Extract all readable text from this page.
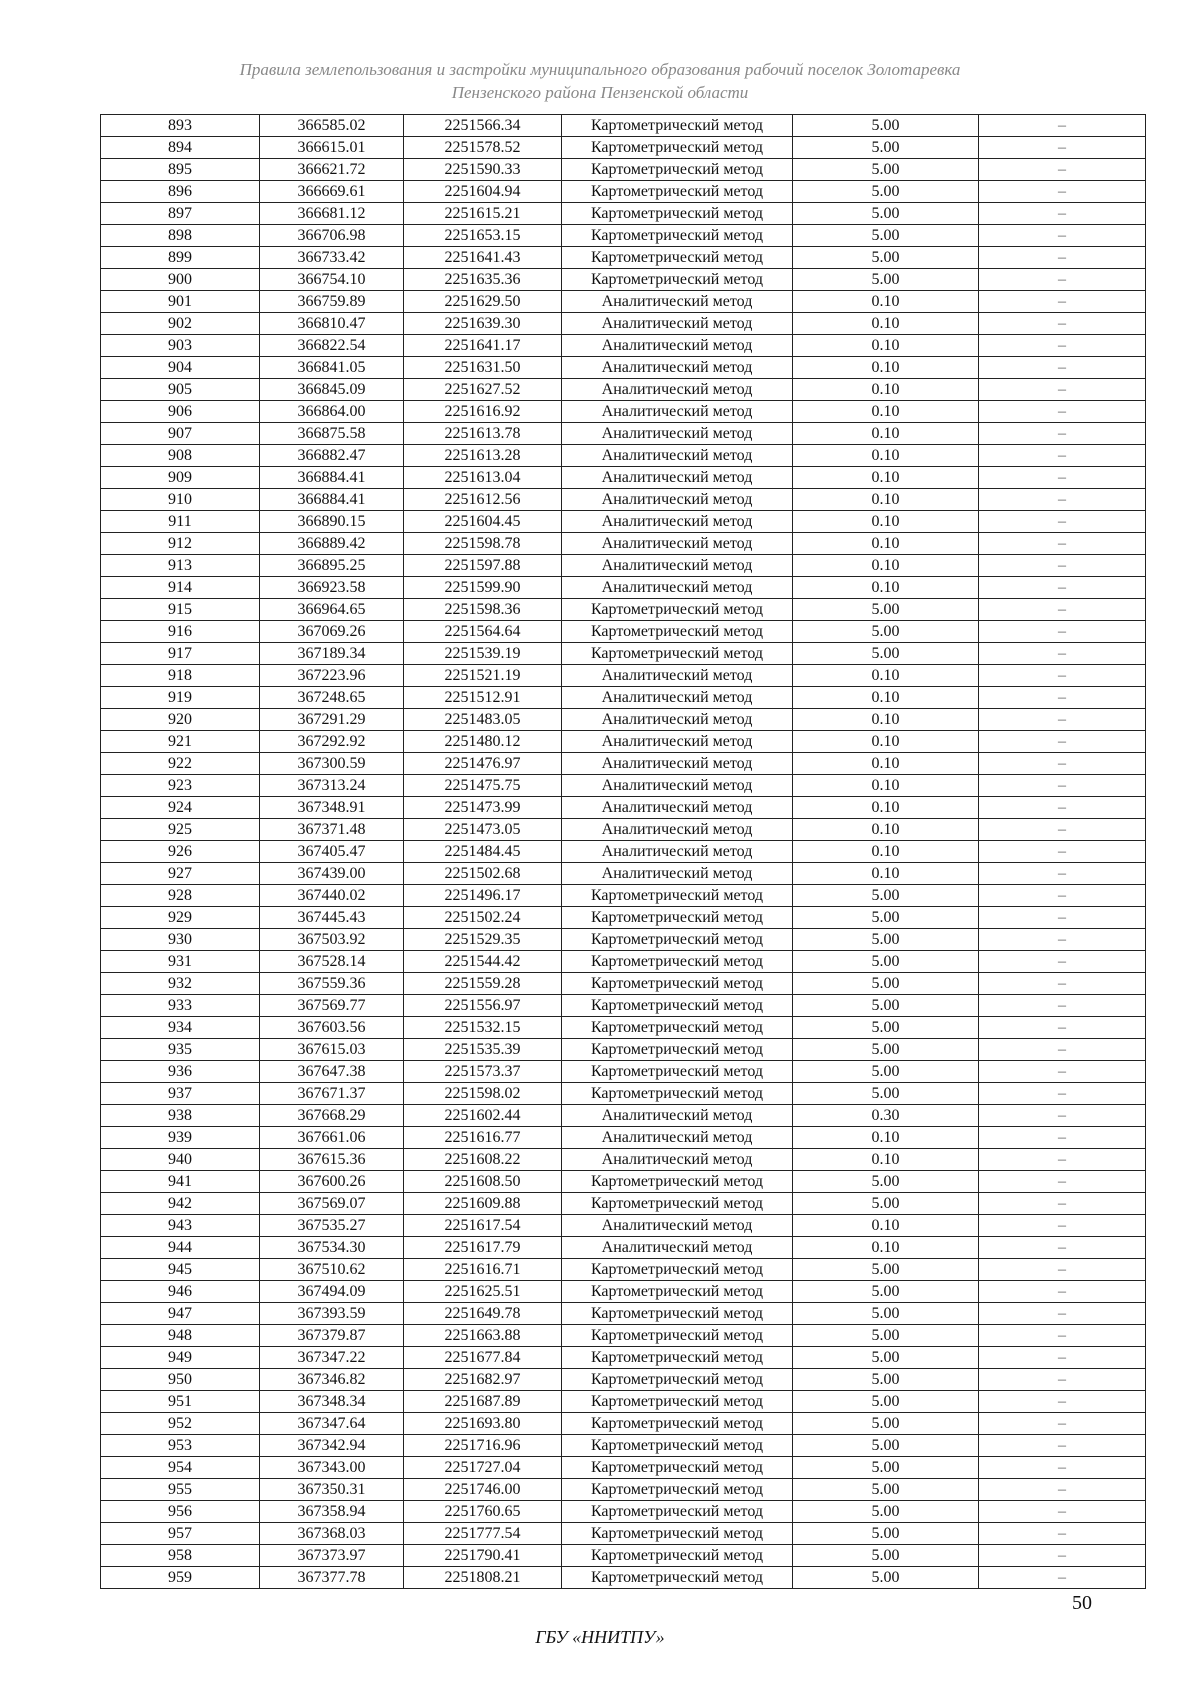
Правила землепользования и застройки муниципального образования рабочий поселок Золотаревка
Пензенского района Пензенской области
893	366585.02	2251566.34	Картометрический метод	5.00	–
894	366615.01	2251578.52	Картометрический метод	5.00	–
895	366621.72	2251590.33	Картометрический метод	5.00	–
896	366669.61	2251604.94	Картометрический метод	5.00	–
897	366681.12	2251615.21	Картометрический метод	5.00	–
898	366706.98	2251653.15	Картометрический метод	5.00	–
899	366733.42	2251641.43	Картометрический метод	5.00	–
900	366754.10	2251635.36	Картометрический метод	5.00	–
901	366759.89	2251629.50	Аналитический метод	0.10	–
902	366810.47	2251639.30	Аналитический метод	0.10	–
903	366822.54	2251641.17	Аналитический метод	0.10	–
904	366841.05	2251631.50	Аналитический метод	0.10	–
905	366845.09	2251627.52	Аналитический метод	0.10	–
906	366864.00	2251616.92	Аналитический метод	0.10	–
907	366875.58	2251613.78	Аналитический метод	0.10	–
908	366882.47	2251613.28	Аналитический метод	0.10	–
909	366884.41	2251613.04	Аналитический метод	0.10	–
910	366884.41	2251612.56	Аналитический метод	0.10	–
911	366890.15	2251604.45	Аналитический метод	0.10	–
912	366889.42	2251598.78	Аналитический метод	0.10	–
913	366895.25	2251597.88	Аналитический метод	0.10	–
914	366923.58	2251599.90	Аналитический метод	0.10	–
915	366964.65	2251598.36	Картометрический метод	5.00	–
916	367069.26	2251564.64	Картометрический метод	5.00	–
917	367189.34	2251539.19	Картометрический метод	5.00	–
918	367223.96	2251521.19	Аналитический метод	0.10	–
919	367248.65	2251512.91	Аналитический метод	0.10	–
920	367291.29	2251483.05	Аналитический метод	0.10	–
921	367292.92	2251480.12	Аналитический метод	0.10	–
922	367300.59	2251476.97	Аналитический метод	0.10	–
923	367313.24	2251475.75	Аналитический метод	0.10	–
924	367348.91	2251473.99	Аналитический метод	0.10	–
925	367371.48	2251473.05	Аналитический метод	0.10	–
926	367405.47	2251484.45	Аналитический метод	0.10	–
927	367439.00	2251502.68	Аналитический метод	0.10	–
928	367440.02	2251496.17	Картометрический метод	5.00	–
929	367445.43	2251502.24	Картометрический метод	5.00	–
930	367503.92	2251529.35	Картометрический метод	5.00	–
931	367528.14	2251544.42	Картометрический метод	5.00	–
932	367559.36	2251559.28	Картометрический метод	5.00	–
933	367569.77	2251556.97	Картометрический метод	5.00	–
934	367603.56	2251532.15	Картометрический метод	5.00	–
935	367615.03	2251535.39	Картометрический метод	5.00	–
936	367647.38	2251573.37	Картометрический метод	5.00	–
937	367671.37	2251598.02	Картометрический метод	5.00	–
938	367668.29	2251602.44	Аналитический метод	0.30	–
939	367661.06	2251616.77	Аналитический метод	0.10	–
940	367615.36	2251608.22	Аналитический метод	0.10	–
941	367600.26	2251608.50	Картометрический метод	5.00	–
942	367569.07	2251609.88	Картометрический метод	5.00	–
943	367535.27	2251617.54	Аналитический метод	0.10	–
944	367534.30	2251617.79	Аналитический метод	0.10	–
945	367510.62	2251616.71	Картометрический метод	5.00	–
946	367494.09	2251625.51	Картометрический метод	5.00	–
947	367393.59	2251649.78	Картометрический метод	5.00	–
948	367379.87	2251663.88	Картометрический метод	5.00	–
949	367347.22	2251677.84	Картометрический метод	5.00	–
950	367346.82	2251682.97	Картометрический метод	5.00	–
951	367348.34	2251687.89	Картометрический метод	5.00	–
952	367347.64	2251693.80	Картометрический метод	5.00	–
953	367342.94	2251716.96	Картометрический метод	5.00	–
954	367343.00	2251727.04	Картометрический метод	5.00	–
955	367350.31	2251746.00	Картометрический метод	5.00	–
956	367358.94	2251760.65	Картометрический метод	5.00	–
957	367368.03	2251777.54	Картометрический метод	5.00	–
958	367373.97	2251790.41	Картометрический метод	5.00	–
959	367377.78	2251808.21	Картометрический метод	5.00	–
50
ГБУ «ННИТПУ»
